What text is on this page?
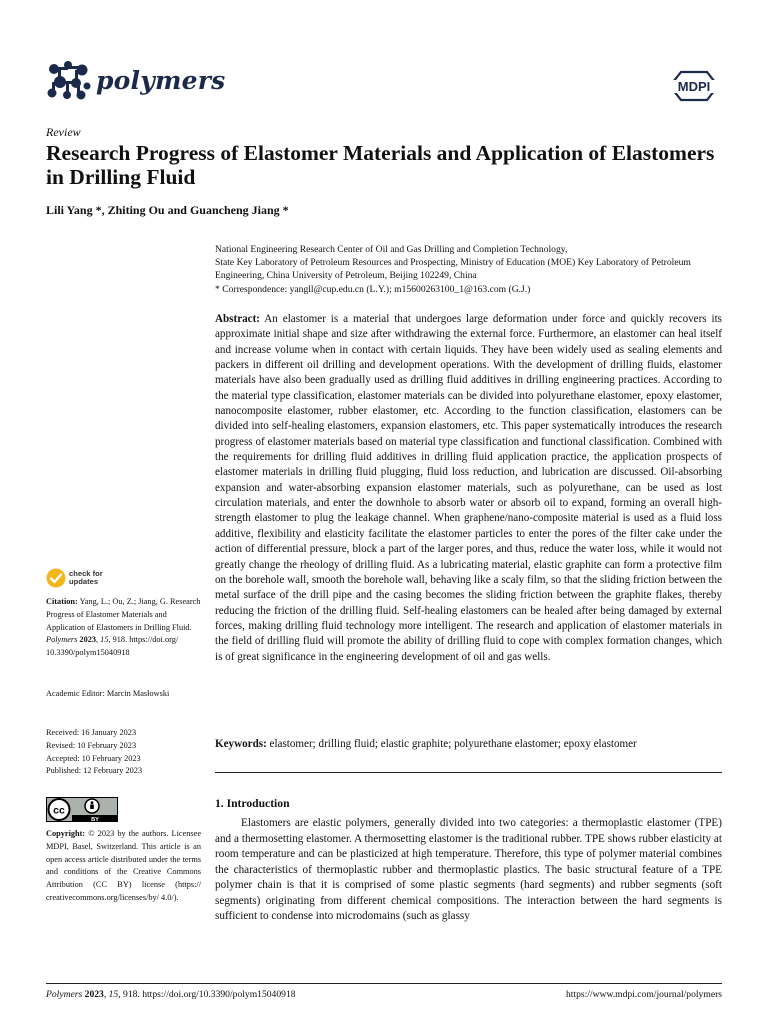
polymers	MDPI
Review
Research Progress of Elastomer Materials and Application of Elastomers in Drilling Fluid
Lili Yang *, Zhiting Ou and Guancheng Jiang *

National Engineering Research Center of Oil and Gas Drilling and Completion Technology,

State Key Laboratory of Petroleum Resources and Prospecting, Ministry of Education (MOE) Key Laboratory of Petroleum Engineering, China University of Petroleum, Beijing 102249, China

* Correspondence: yangll@cup.edu.cn (L.Y.); m15600263100_1@163.com (G.J.)

Abstract: An elastomer is a material that undergoes large deformation under force and quickly recovers its approximate initial shape and size after withdrawing the external force. Furthermore, an elastomer can heal itself and increase volume when in contact with certain liquids. They have been widely used as sealing elements and packers in different oil drilling and development operations. With the development of drilling fluids, elastomer materials have also been gradually used as drilling fluid additives in drilling engineering practices. According to the material type classification, elastomer materials can be divided into polyurethane elastomer, epoxy elastomer, nanocomposite elastomer, rubber elastomer, etc. According to the function classification, elastomers can be divided into self-healing elastomers, expansion elastomers, etc. This paper systematically introduces the research progress of elastomer materials based on material type classification and functional classification. Combined with the requirements for drilling fluid additives in drilling fluid application practice, the application prospects of elastomer materials in drilling fluid plugging, fluid loss reduction, and lubrication are discussed. Oil-absorbing expansion and water-absorbing expansion elastomer materials, such as polyurethane, can be used as lost circulation materials, and enter the downhole to absorb water or absorb oil to expand, forming an overall high-strength elastomer to plug the leakage channel. When graphene/nano-composite material is used as a fluid loss additive, flexibility and elasticity facilitate the elastomer particles to enter the pores of the filter cake under the action of differential pressure, block a part of the larger pores, and thus, reduce the water loss, while it would not greatly change the rheology of drilling fluid. As a lubricating material, elastic graphite can form a protective film on the borehole wall, smooth the borehole wall, behaving like a scaly film, so that the sliding friction between the metal surface of the drill pipe and the casing becomes the sliding friction between the graphite flakes, thereby reducing the friction of the drilling fluid. Self-healing elastomers can be healed after being damaged by external forces, making drilling fluid technology more intelligent. The research and application of elastomer materials in the field of drilling fluid will promote the ability of drilling fluid to cope with complex formation changes, which is of great significance in the engineering development of oil and gas wells.

Keywords: elastomer; drilling fluid; elastic graphite; polyurethane elastomer; epoxy elastomer
check for
updates
Citation: Yang, L.; Ou, Z.; Jiang, G. Research Progress of Elastomer Materials and Application of Elastomers in Drilling Fluid. Polymers 2023, 15, 918. https://doi.org/ 10.3390/polym15040918
Academic Editor: Marcin Masłowski
Received: 16 January 2023
Revised: 10 February 2023
Accepted: 10 February 2023
Published: 12 February 2023
cc
BY
Copyright: © 2023 by the authors. Licensee MDPI, Basel, Switzerland. This article is an open access article distributed under the terms and conditions of the Creative Commons Attribution (CC BY) license (https:// creativecommons.org/licenses/by/ 4.0/).
1. Introduction

Elastomers are elastic polymers, generally divided into two categories: a thermoplastic elastomer (TPE) and a thermosetting elastomer. A thermosetting elastomer is the traditional rubber. TPE shows rubber elasticity at room temperature and can be plasticized at high temperature. Therefore, this type of polymer material combines the characteristics of thermoplastic rubber and thermoplastic plastics. The basic structural feature of a TPE polymer chain is that it is comprised of some plastic segments (hard segments) and rubber segments (soft segments) originating from different chemical compositions. The interaction between the hard segments is sufficient to condense into microdomains (such as glassy

Polymers 2023, 15, 918. https://doi.org/10.3390/polym15040918	https://www.mdpi.com/journal/polymers
